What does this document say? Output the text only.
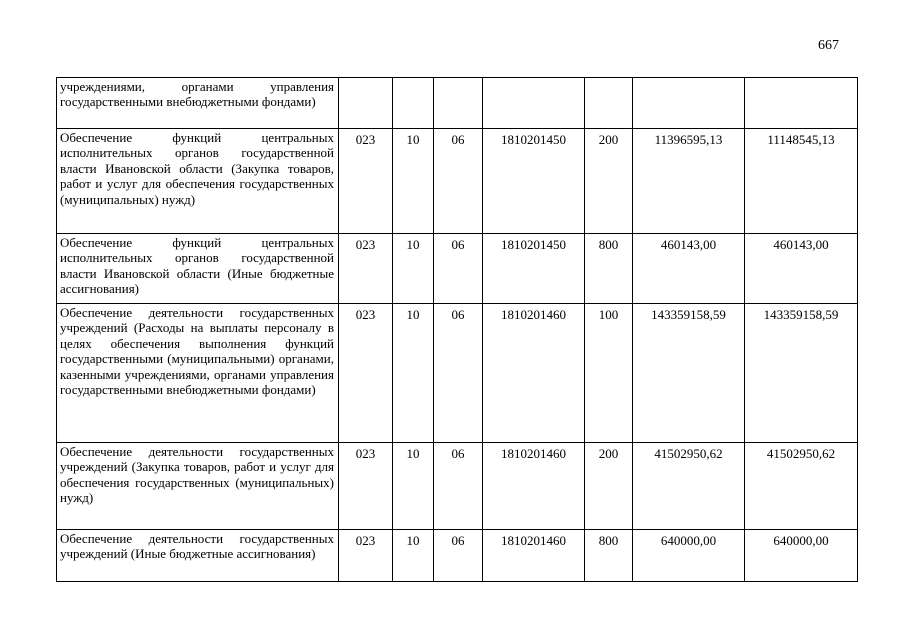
667
учреждениями, органами управления государственными внебюджетными фондами)							
Обеспечение функций центральных исполнительных органов государственной власти Ивановской области (Закупка товаров, работ и услуг для обеспечения государственных (муниципальных) нужд)	023	10	06	1810201450	200	11396595,13	11148545,13
Обеспечение функций центральных исполнительных органов государственной власти Ивановской области (Иные бюджетные ассигнования)	023	10	06	1810201450	800	460143,00	460143,00
Обеспечение деятельности государственных учреждений (Расходы на выплаты персоналу в целях обеспечения выполнения функций государственными (муниципальными) органами, казенными учреждениями, органами управления государственными внебюджетными фондами)	023	10	06	1810201460	100	143359158,59	143359158,59
Обеспечение деятельности государственных учреждений (Закупка товаров, работ и услуг для обеспечения государственных (муниципальных) нужд)	023	10	06	1810201460	200	41502950,62	41502950,62
Обеспечение деятельности государственных учреждений (Иные бюджетные ассигнования)	023	10	06	1810201460	800	640000,00	640000,00
